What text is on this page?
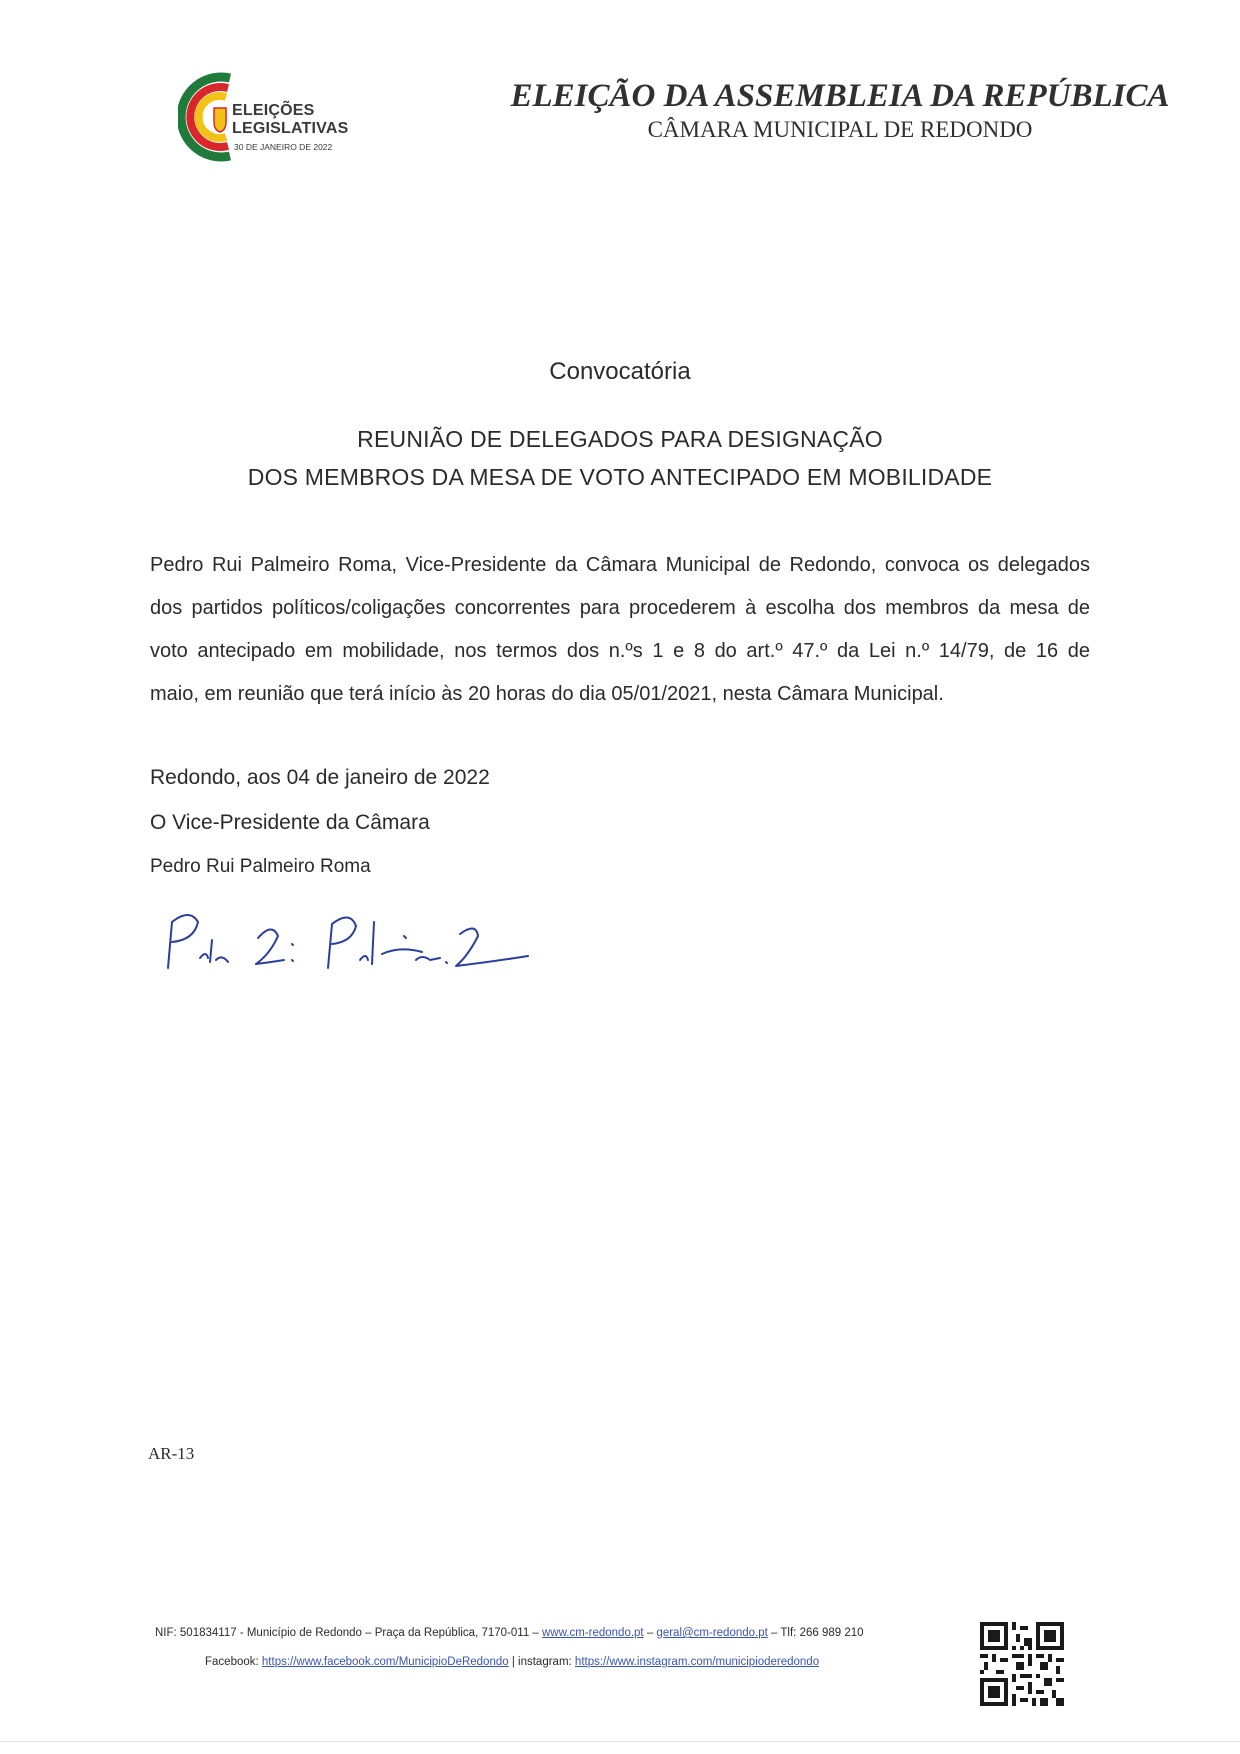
ELEIÇÕES
LEGISLATIVAS
30 DE JANEIRO DE 2022
ELEIÇÃO DA ASSEMBLEIA DA REPÚBLICA
CÂMARA MUNICIPAL DE REDONDO
Convocatória
REUNIÃO DE DELEGADOS PARA DESIGNAÇÃO
DOS MEMBROS DA MESA DE VOTO ANTECIPADO EM MOBILIDADE
Pedro Rui Palmeiro Roma, Vice-Presidente da Câmara Municipal de Redondo, convoca os delegados
dos partidos políticos/coligações concorrentes para procederem à escolha dos membros da mesa de
voto antecipado em mobilidade, nos termos dos n.ºs 1 e 8 do art.º 47.º da Lei n.º 14/79, de 16 de
maio, em reunião que terá início às 20 horas do dia 05/01/2021, nesta Câmara Municipal.
Redondo, aos 04 de janeiro de 2022
O Vice-Presidente da Câmara
Pedro Rui Palmeiro Roma
AR-13
NIF: 501834117 - Município de Redondo – Praça da República, 7170-011 – www.cm-redondo.pt – geral@cm-redondo.pt – Tlf: 266 989 210
Facebook: https://www.facebook.com/MunicipioDeRedondo | instagram: https://www.instagram.com/municipioderedondo
